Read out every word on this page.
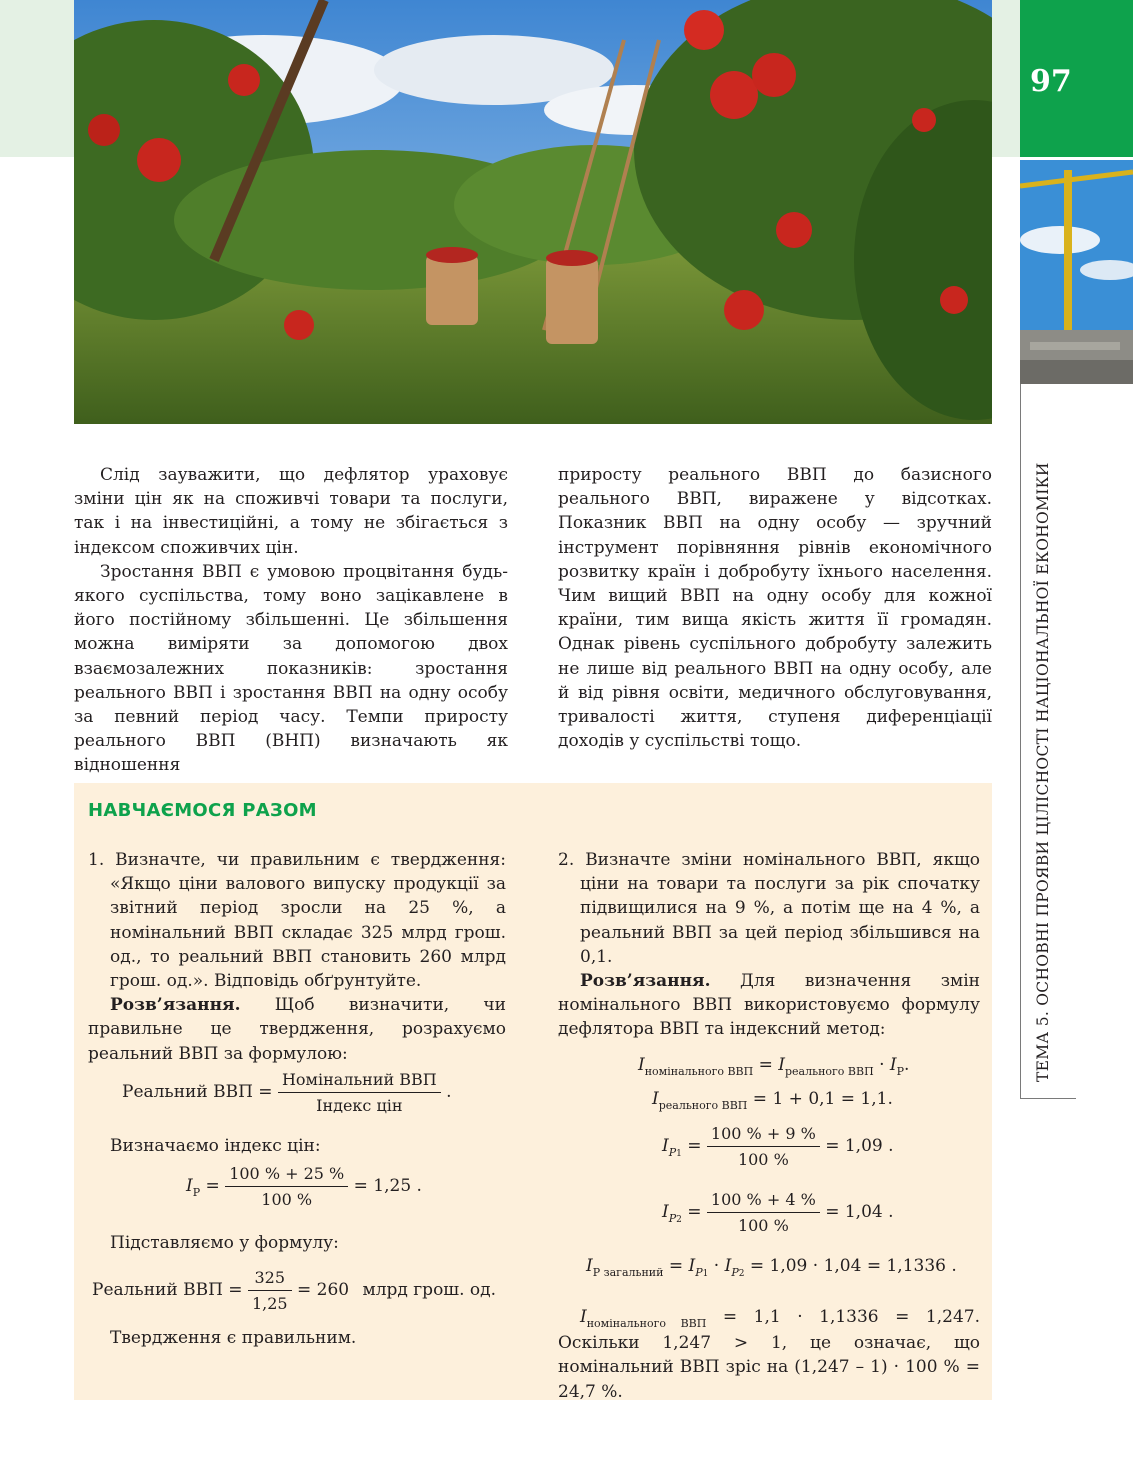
97
ТЕМА 5. ОСНОВНІ ПРОЯВИ ЦІЛІСНОСТІ НАЦІОНАЛЬНОЇ ЕКОНОМІКИ

Слід зауважити, що дефлятор ураховує зміни цін як на споживчі товари та послуги, так і на інвестиційні, а тому не збігається з індексом споживчих цін.

Зростання ВВП є умовою процвітання будь-якого суспільства, тому воно зацікавлене в його постійному збільшенні. Це збільшення можна виміряти за допомогою двох взаємозалежних показників: зростання реального ВВП і зростання ВВП на одну особу за певний період часу. Темпи приросту реального ВВП (ВНП) визначають як відношення

приросту реального ВВП до базисного реального ВВП, виражене у відсотках. Показник ВВП на одну особу — зручний інструмент порівняння рівнів економічного розвитку країн і добробуту їхнього населення. Чим вищий ВВП на одну особу для кожної країни, тим вища якість життя її громадян. Однак рівень суспільного добробуту залежить не лише від реального ВВП на одну особу, але й від рівня освіти, медичного обслуговування, тривалості життя, ступеня диференціації доходів у суспільстві тощо.

НАВЧАЄМОСЯ РАЗОМ

1. Визначте, чи правильним є твердження: «Якщо ціни валового випуску продукції за звітний період зросли на 25 %, а номінальний ВВП складає 325 млрд грош. од., то реальний ВВП становить 260 млрд грош. од.». Відповідь обґрунтуйте.

Розв’язання. Щоб визначити, чи правильне це твердження, розрахуємо реальний ВВП за формулою:

Реальний ВВП = $\frac{\text{Номінальний ВВП}}{\text{Індекс цін}}$ .
Визначаємо індекс цін:
$I_P = \frac{100 \% + 25 \%}{100 \%} = 1,25$ .
Підставляємо у формулу:
Реальний ВВП = $\frac{325}{1,25} = 260$ млрд грош. од.
Твердження є правильним.

2. Визначте зміни номінального ВВП, якщо ціни на товари та послуги за рік спочатку підвищилися на 9 %, а потім ще на 4 %, а реальний ВВП за цей період збільшився на 0,1.

Розв’язання. Для визначення змін номінального ВВП використовуємо формулу дефлятора ВВП та індексний метод:

$I_{номінального ВВП} = I_{реального ВВП} \cdot I_P$.
$I_{реального ВВП} = 1 + 0,1 = 1,1$.
$I_{P1} = \frac{100 \% + 9 \%}{100 \%} = 1,09$ .
$I_{P2} = \frac{100 \% + 4 \%}{100 \%} = 1,04$ .
$I_{P загальний} = I_{P1} \cdot I_{P2} = 1,09 \cdot 1,04 = 1,1336$ .

$I_{номінального ВВП} = 1,1 \cdot 1,1336 = 1,247$. Оскільки 1,247 > 1, це означає, що номінальний ВВП зріс на (1,247 – 1) · 100 % = 24,7 %.
